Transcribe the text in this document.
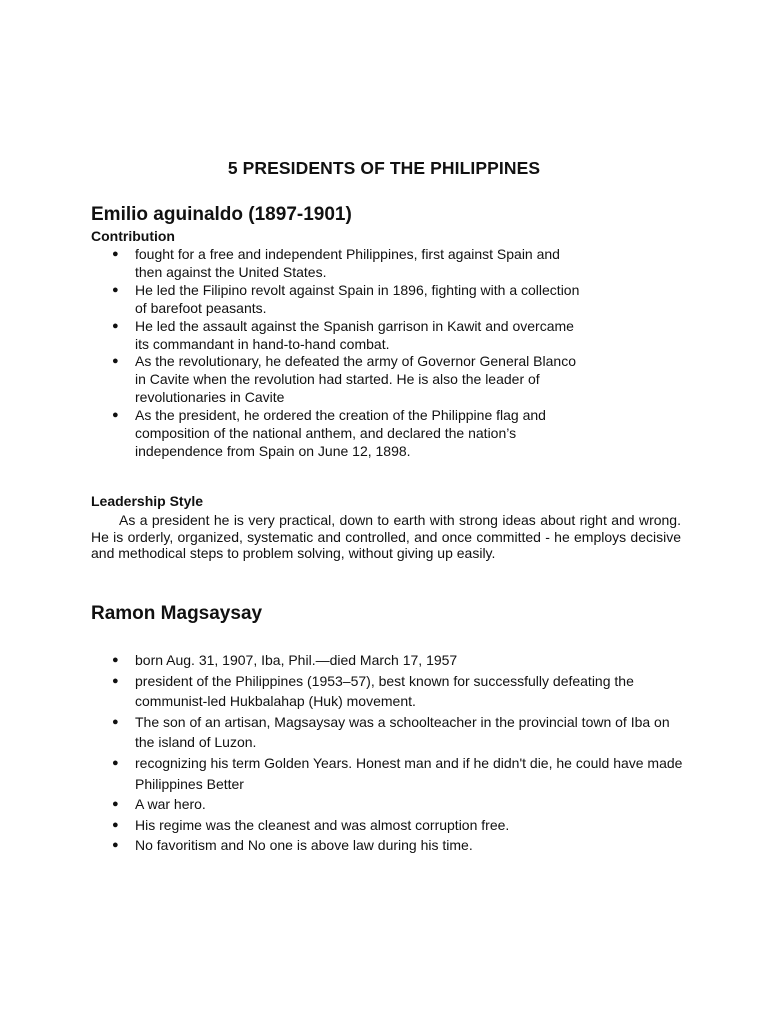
5 PRESIDENTS OF THE PHILIPPINES
Emilio aguinaldo (1897-1901)
Contribution
● fought for a free and independent Philippines, first against Spain and then against the United States.
● He led the Filipino revolt against Spain in 1896, fighting with a collection of barefoot peasants.
● He led the assault against the Spanish garrison in Kawit and overcame its commandant in hand-to-hand combat.
● As the revolutionary, he defeated the army of Governor General Blanco in Cavite when the revolution had started. He is also the leader of revolutionaries in Cavite
● As the president, he ordered the creation of the Philippine flag and composition of the national anthem, and declared the nation’s independence from Spain on June 12, 1898.
Leadership Style

As a president he is very practical, down to earth with strong ideas about right and wrong. He is orderly, organized, systematic and controlled, and once committed - he employs decisive and methodical steps to problem solving, without giving up easily.

Ramon Magsaysay
● born Aug. 31, 1907, Iba, Phil.—died March 17, 1957
● president of the Philippines (1953–57), best known for successfully defeating the communist-led Hukbalahap (Huk) movement.
● The son of an artisan, Magsaysay was a schoolteacher in the provincial town of Iba on the island of Luzon.
● recognizing his term Golden Years. Honest man and if he didn't die, he could have made Philippines Better
● A war hero.
● His regime was the cleanest and was almost corruption free.
● No favoritism and No one is above law during his time.
